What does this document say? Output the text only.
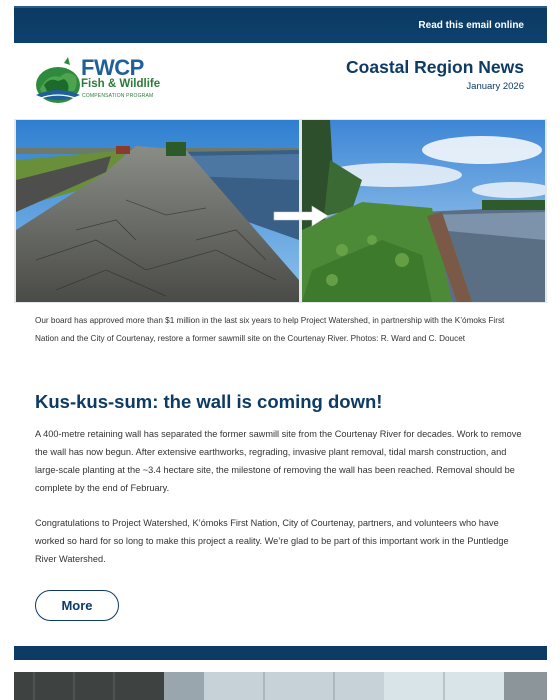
Read this email online
FWCP
Fish & Wildlife
COMPENSATION PROGRAM
Coastal Region News
January 2026

Our board has approved more than $1 million in the last six years to help Project Watershed, in partnership with the K’ómoks First Nation and the City of Courtenay, restore a former sawmill site on the Courtenay River. Photos: R. Ward and C. Doucet

Kus-kus-sum: the wall is coming down!

A 400-metre retaining wall has separated the former sawmill site from the Courtenay River for decades. Work to remove the wall has now begun. After extensive earthworks, regrading, invasive plant removal, tidal marsh construction, and large-scale planting at the ~3.4 hectare site, the milestone of removing the wall has been reached. Removal should be complete by the end of February.

Congratulations to Project Watershed, K’ómoks First Nation, City of Courtenay, partners, and volunteers who have worked so hard for so long to make this project a reality. We’re glad to be part of this important work in the Puntledge River Watershed.

More
